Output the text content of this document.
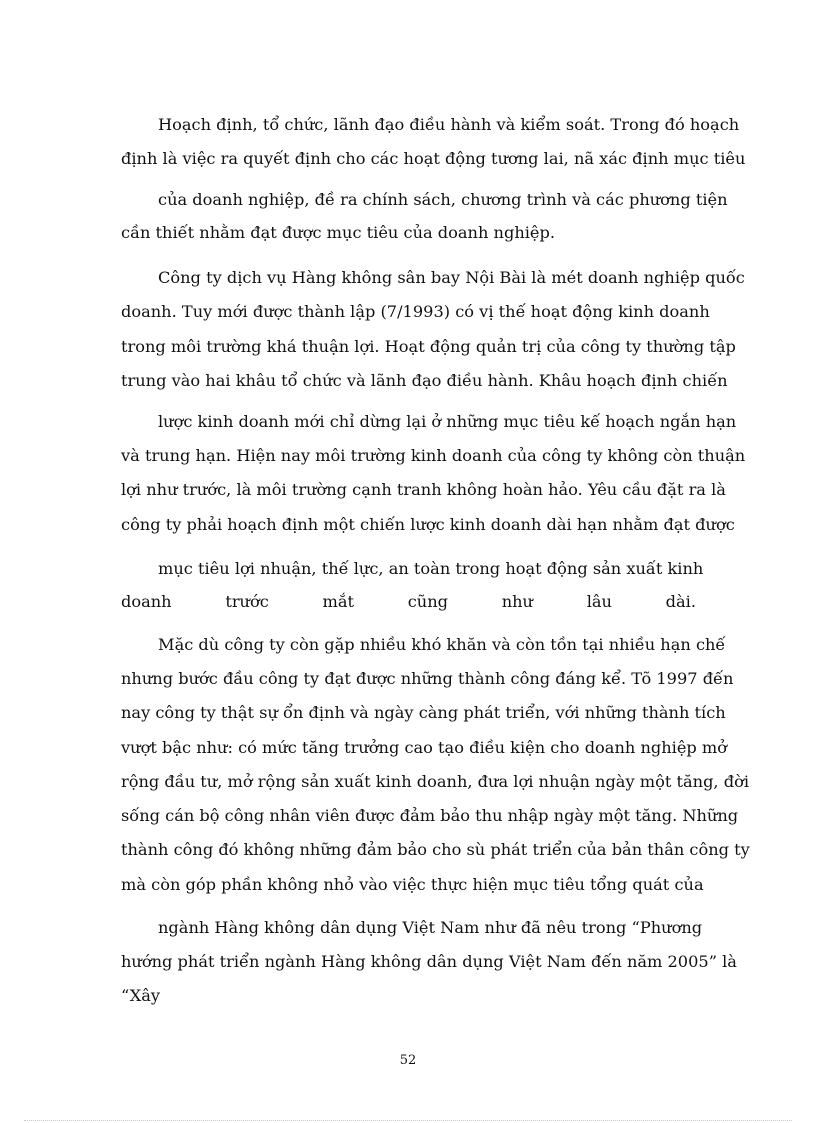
Hoạch định, tổ chức, lãnh đạo điều hành và kiểm soát. Trong đó hoạch

định là việc ra quyết định cho các hoạt động tương lai, nã xác định mục tiêu

của doanh nghiệp, đề ra chính sách, chương trình và các phương tiện

cần thiết nhằm đạt được mục tiêu của doanh nghiệp.

Công ty dịch vụ Hàng không sân bay Nội Bài là mét doanh nghiệp quốc

doanh. Tuy mới được thành lập (7/1993) có vị thế hoạt động kinh doanh

trong môi trường khá thuận lợi. Hoạt động quản trị của công ty thường tập

trung vào hai khâu tổ chức và lãnh đạo điều hành. Khâu hoạch định chiến

lược kinh doanh mới chỉ dừng lại ở những mục tiêu kế hoạch ngắn hạn

và trung hạn. Hiện nay môi trường kinh doanh của công ty không còn thuận

lợi như trước, là môi trường cạnh tranh không hoàn hảo. Yêu cầu đặt ra là

công ty phải hoạch định một chiến lược kinh doanh dài hạn nhằm đạt được

mục tiêu lợi nhuận, thế lực, an toàn trong hoạt động sản xuất kinh

doanh trước mắt cũng như lâu dài.

Mặc dù công ty còn gặp nhiều khó khăn và còn tồn tại nhiều hạn chế

nhưng bước đầu công ty đạt được những thành công đáng kể. Tõ 1997 đến

nay công ty thật sự ổn định và ngày càng phát triển, với những thành tích

vượt bậc như: có mức tăng trưởng cao tạo điều kiện cho doanh nghiệp mở

rộng đầu tư, mở rộng sản xuất kinh doanh, đưa lợi nhuận ngày một tăng, đời

sống cán bộ công nhân viên được đảm bảo thu nhập ngày một tăng. Những

thành công đó không những đảm bảo cho sù phát triển của bản thân công ty

mà còn góp phần không nhỏ vào việc thực hiện mục tiêu tổng quát của

ngành Hàng không dân dụng Việt Nam như đã nêu trong “Phương

hướng phát triển ngành Hàng không dân dụng Việt Nam đến năm 2005” là

“Xây

52
